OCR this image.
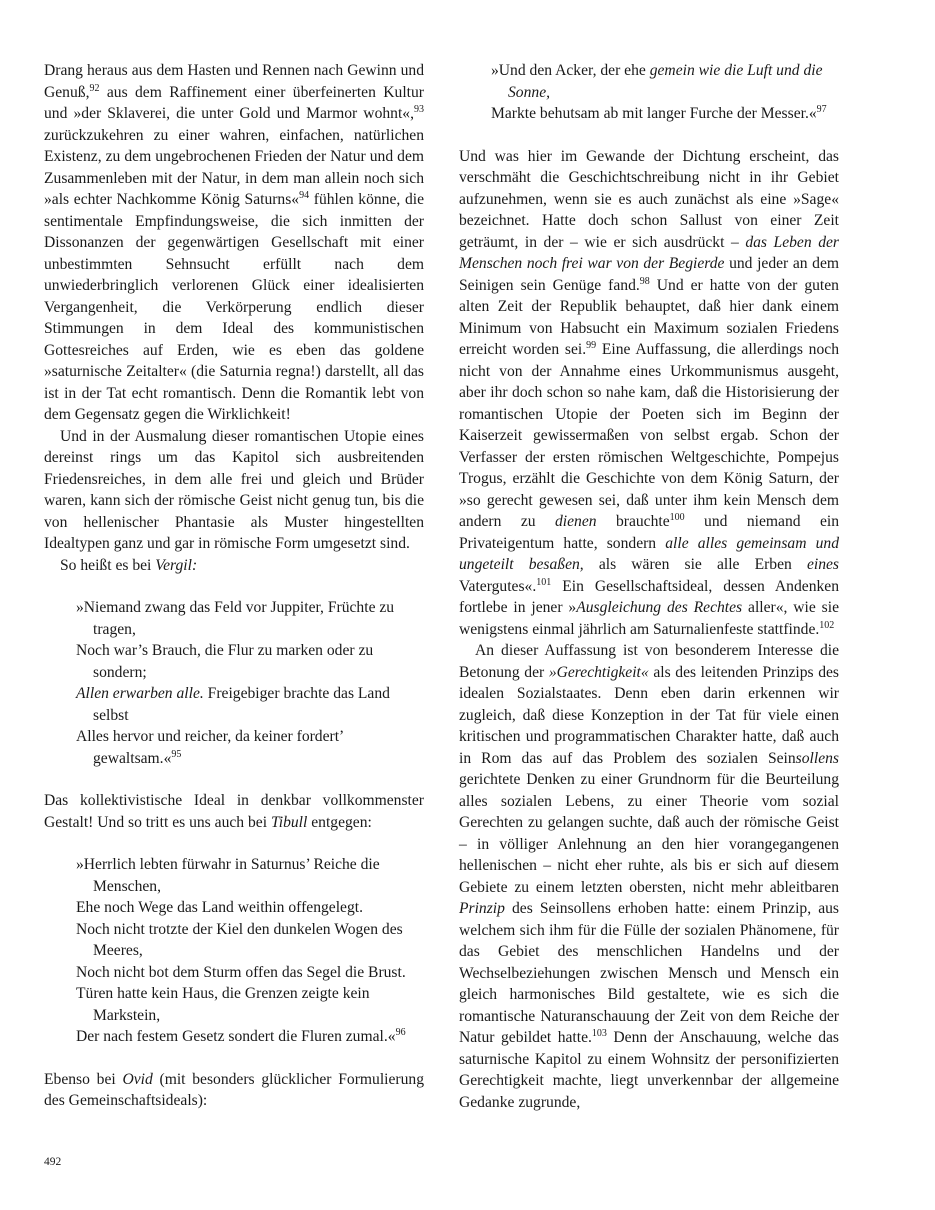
Drang heraus aus dem Hasten und Rennen nach Gewinn und Genuß,$^{92}$ aus dem Raffinement einer überfeinerten Kultur und »der Sklaverei, die unter Gold und Marmor wohnt«,$^{93}$ zurückzukehren zu einer wahren, einfachen, natürlichen Existenz, zu dem ungebrochenen Frieden der Natur und dem Zusammenleben mit der Natur, in dem man allein noch sich »als echter Nachkomme König Saturns«$^{94}$ fühlen könne, die sentimentale Empfindungsweise, die sich inmitten der Dissonanzen der gegenwärtigen Gesellschaft mit einer unbestimmten Sehnsucht erfüllt nach dem unwiederbringlich verlorenen Glück einer idealisierten Vergangenheit, die Verkörperung endlich dieser Stimmungen in dem Ideal des kommunistischen Gottesreiches auf Erden, wie es eben das goldene »saturnische Zeitalter« (die Saturnia regna!) darstellt, all das ist in der Tat echt romantisch. Denn die Romantik lebt von dem Gegensatz gegen die Wirklichkeit!

Und in der Ausmalung dieser romantischen Utopie eines dereinst rings um das Kapitol sich ausbreitenden Friedensreiches, in dem alle frei und gleich und Brüder waren, kann sich der römische Geist nicht genug tun, bis die von hellenischer Phantasie als Muster hingestellten Idealtypen ganz und gar in römische Form umgesetzt sind.

So heißt es bei Vergil:

»Niemand zwang das Feld vor Juppiter, Früchte zu tragen,
Noch war’s Brauch, die Flur zu marken oder zu sondern;
Allen erwarben alle. Freigebiger brachte das Land selbst
Alles hervor und reicher, da keiner fordert’ gewaltsam.«$^{95}$

Das kollektivistische Ideal in denkbar vollkommenster Gestalt! Und so tritt es uns auch bei Tibull entgegen:

»Herrlich lebten fürwahr in Saturnus’ Reiche die Menschen,
Ehe noch Wege das Land weithin offengelegt.
Noch nicht trotzte der Kiel den dunkelen Wogen des Meeres,
Noch nicht bot dem Sturm offen das Segel die Brust.
Türen hatte kein Haus, die Grenzen zeigte kein Markstein,
Der nach festem Gesetz sondert die Fluren zumal.«$^{96}$

Ebenso bei Ovid (mit besonders glücklicher Formulierung des Gemeinschaftsideals):

»Und den Acker, der ehe gemein wie die Luft und die Sonne,
Markte behutsam ab mit langer Furche der Messer.«$^{97}$

Und was hier im Gewande der Dichtung erscheint, das verschmäht die Geschichtschreibung nicht in ihr Gebiet aufzunehmen, wenn sie es auch zunächst als eine »Sage« bezeichnet. Hatte doch schon Sallust von einer Zeit geträumt, in der – wie er sich ausdrückt – das Leben der Menschen noch frei war von der Begierde und jeder an dem Seinigen sein Genüge fand.$^{98}$ Und er hatte von der guten alten Zeit der Republik behauptet, daß hier dank einem Minimum von Habsucht ein Maximum sozialen Friedens erreicht worden sei.$^{99}$ Eine Auffassung, die allerdings noch nicht von der Annahme eines Urkommunismus ausgeht, aber ihr doch schon so nahe kam, daß die Historisierung der romantischen Utopie der Poeten sich im Beginn der Kaiserzeit gewissermaßen von selbst ergab. Schon der Verfasser der ersten römischen Weltgeschichte, Pompejus Trogus, erzählt die Geschichte von dem König Saturn, der »so gerecht gewesen sei, daß unter ihm kein Mensch dem andern zu dienen brauchte$^{100}$ und niemand ein Privateigentum hatte, sondern alle alles gemeinsam und ungeteilt besaßen, als wären sie alle Erben eines Vatergutes«.$^{101}$ Ein Gesellschaftsideal, dessen Andenken fortlebe in jener »Ausgleichung des Rechtes aller«, wie sie wenigstens einmal jährlich am Saturnalienfeste stattfinde.$^{102}$

An dieser Auffassung ist von besonderem Interesse die Betonung der »Gerechtigkeit« als des leitenden Prinzips des idealen Sozialstaates. Denn eben darin erkennen wir zugleich, daß diese Konzeption in der Tat für viele einen kritischen und programmatischen Charakter hatte, daß auch in Rom das auf das Problem des sozialen Seinsollens gerichtete Denken zu einer Grundnorm für die Beurteilung alles sozialen Lebens, zu einer Theorie vom sozial Gerechten zu gelangen suchte, daß auch der römische Geist – in völliger Anlehnung an den hier vorangegangenen hellenischen – nicht eher ruhte, als bis er sich auf diesem Gebiete zu einem letzten obersten, nicht mehr ableitbaren Prinzip des Seinsollens erhoben hatte: einem Prinzip, aus welchem sich ihm für die Fülle der sozialen Phänomene, für das Gebiet des menschlichen Handelns und der Wechselbeziehungen zwischen Mensch und Mensch ein gleich harmonisches Bild gestaltete, wie es sich die romantische Naturanschauung der Zeit von dem Reiche der Natur gebildet hatte.$^{103}$ Denn der Anschauung, welche das saturnische Kapitol zu einem Wohnsitz der personifizierten Gerechtigkeit machte, liegt unverkennbar der allgemeine Gedanke zugrunde,

492
